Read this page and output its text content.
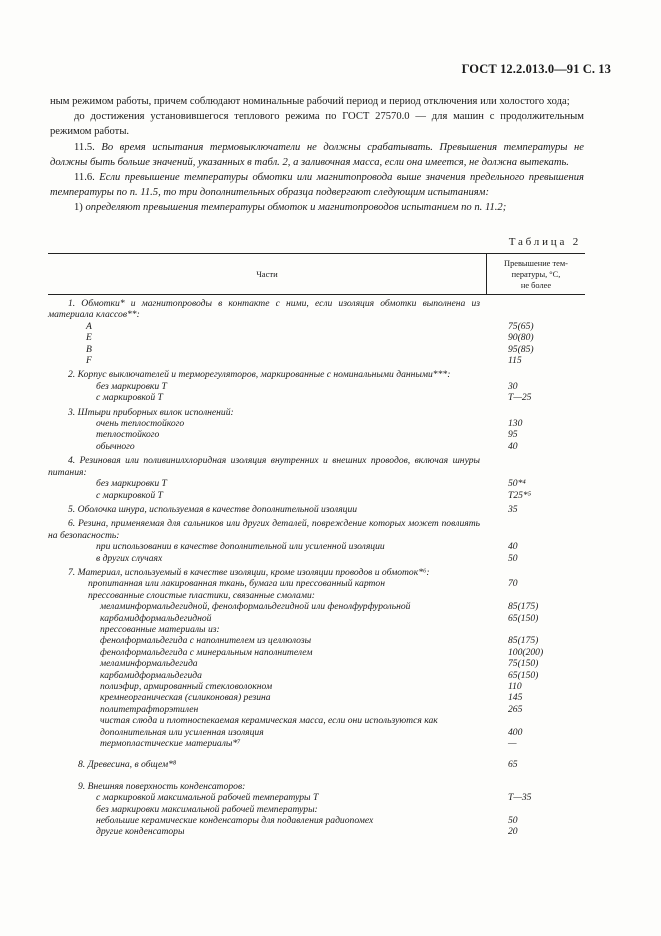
ГОСТ 12.2.013.0—91 С. 13

ным режимом работы, причем соблюдают номинальные рабочий период и период отключения или холостого хода;

до достижения установившегося теплового режима по ГОСТ 27570.0 — для машин с продолжительным режимом работы.

11.5. Во время испытания термовыключатели не должны срабатывать. Превышения температуры не должны быть больше значений, указанных в табл. 2, а заливочная масса, если она имеется, не должна вытекать.

11.6. Если превышение температуры обмотки или магнитопровода выше значения предельного превышения температуры по п. 11.5, то три дополнительных образца подвергают следующим испытаниям:

1) определяют превышения температуры обмоток и магнитопроводов испытанием по п. 11.2;

Таблица 2
Части
Превышение тем-
пературы, °С,
не более
1. Обмотки* и магнитопроводы в контакте с ними, если изоляция обмотки выполнена из материала классов**:
A	75(65)
E	90(80)
B	95(85)
F	115
2. Корпус выключателей и терморегуляторов, маркированные с номинальными данными***:
без маркировки T	30
с маркировкой T	T—25
3. Штыри приборных вилок исполнений:
очень теплостойкого	130
теплостойкого	95
обычного	40
4. Резиновая или поливинилхлоридная изоляция внутренних и внешних проводов, включая шнуры питания:
без маркировки T	50*⁴
с маркировкой T	T25*⁵
5. Оболочка шнура, используемая в качестве дополнительной изоляции	35
6. Резина, применяемая для сальников или других деталей, повреждение которых может повлиять на безопасность:
при использовании в качестве дополнительной или усиленной изоляции	40
в других случаях	50
7. Материал, используемый в качестве изоляции, кроме изоляции проводов и обмоток*⁶:
пропитанная или лакированная ткань, бумага или прессованный картон	70
прессованные слоистые пластики, связанные смолами:
меламинформальдегидной, фенолформальдегидной или фенолфурфурольной	85(175)
карбамидформальдегидной	65(150)
прессованные материалы из:
фенолформальдегида с наполнителем из целлюлозы	85(175)
фенолформальдегида с минеральным наполнителем	100(200)
меламинформальдегида	75(150)
карбамидформальдегида	65(150)
полиэфир, армированный стекловолокном	110
кремнеорганическая (силиконовая) резина	145
политетрафторэтилен	265
чистая слюда и плотноспекаемая керамическая масса, если они используются как
дополнительная или усиленная изоляция	400
термопластические материалы*⁷	—
8. Древесина, в общем*⁸	65
9. Внешняя поверхность конденсаторов:
с маркировкой максимальной рабочей температуры T	T—35
без маркировки максимальной рабочей температуры:
небольшие керамические конденсаторы для подавления радиопомех	50
другие конденсаторы	20
